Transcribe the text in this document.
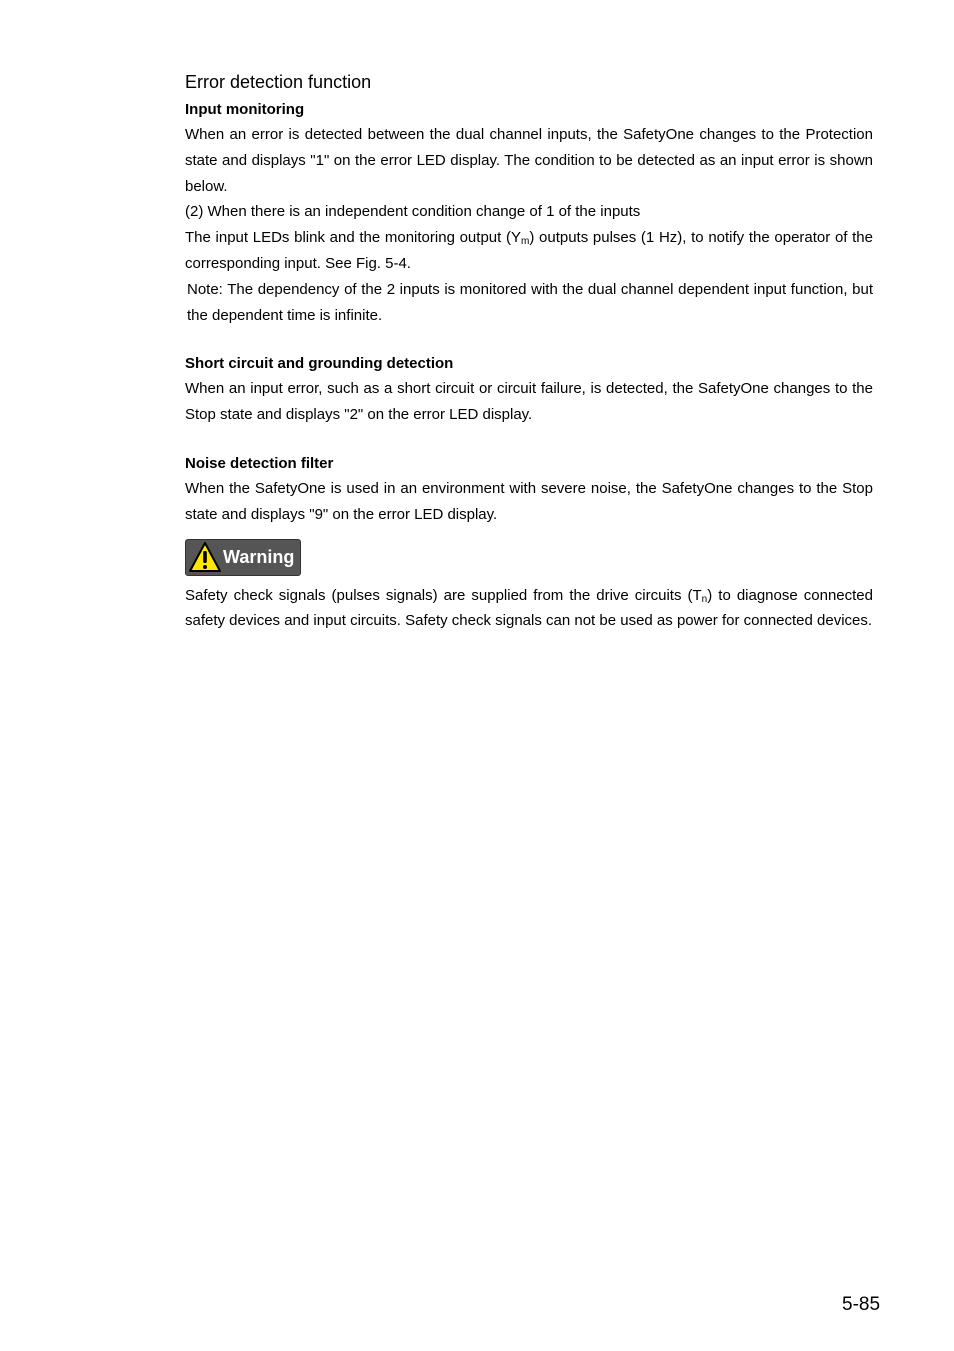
Error detection function
Input monitoring

When an error is detected between the dual channel inputs, the SafetyOne changes to the Protection state and displays "1" on the error LED display. The condition to be detected as an input error is shown below.

(2) When there is an independent condition change of 1 of the inputs

The input LEDs blink and the monitoring output $(Y_m)$ outputs pulses (1 Hz), to notify the operator of the corresponding input. See Fig. 5-4.

Note: The dependency of the 2 inputs is monitored with the dual channel dependent input function, but the dependent time is infinite.

Short circuit and grounding detection

When an input error, such as a short circuit or circuit failure, is detected, the SafetyOne changes to the Stop state and displays "2" on the error LED display.

Noise detection filter

When the SafetyOne is used in an environment with severe noise, the SafetyOne changes to the Stop state and displays "9" on the error LED display.

Warning

Safety check signals (pulses signals) are supplied from the drive circuits $(T_n)$ to diagnose connected safety devices and input circuits. Safety check signals can not be used as power for connected devices.

5-85
